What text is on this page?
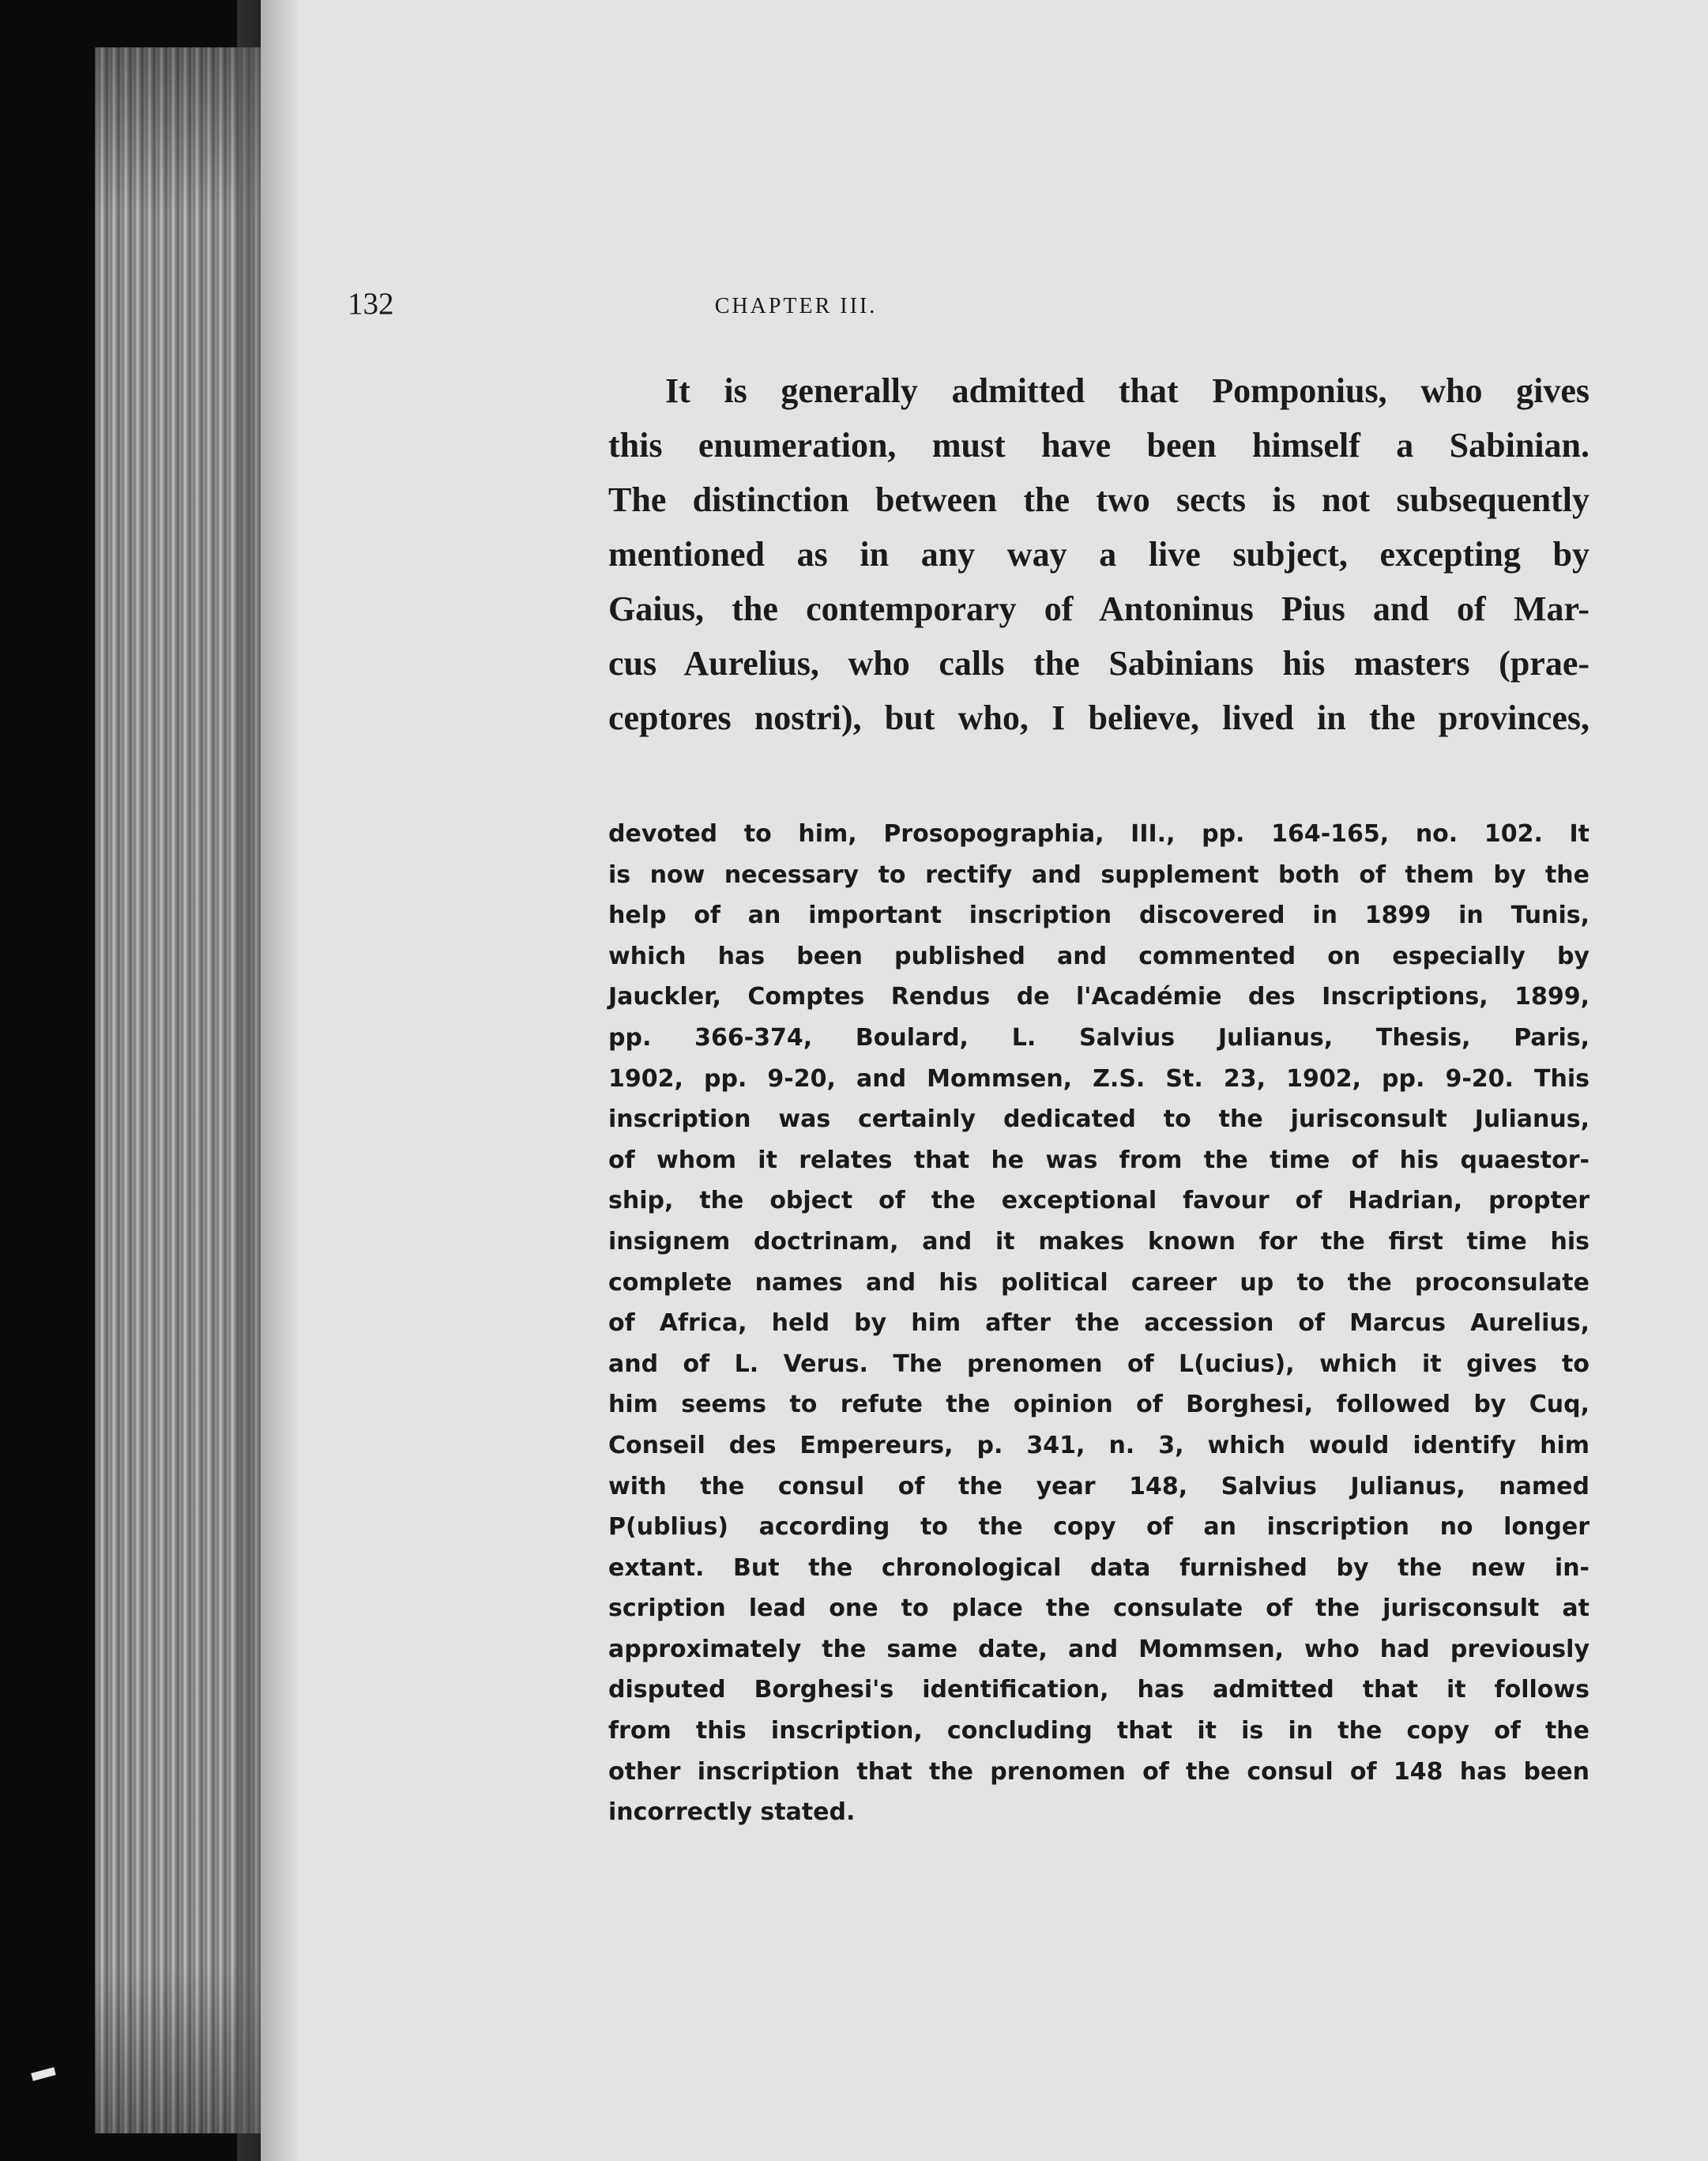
132	CHAPTER III.
It is generally admitted that Pomponius, who gives
this enumeration, must have been himself a Sabinian.
The distinction between the two sects is not subsequently
mentioned as in any way a live subject, excepting by
Gaius, the contemporary of Antoninus Pius and of Mar-
cus Aurelius, who calls the Sabinians his masters (prae-
ceptores nostri), but who, I believe, lived in the provinces,
devoted to him, Prosopographia, III., pp. 164-165, no. 102. It
is now necessary to rectify and supplement both of them by the
help of an important inscription discovered in 1899 in Tunis,
which has been published and commented on especially by
Jauckler, Comptes Rendus de l'Académie des Inscriptions, 1899,
pp. 366-374, Boulard, L. Salvius Julianus, Thesis, Paris,
1902, pp. 9-20, and Mommsen, Z.S. St. 23, 1902, pp. 9-20. This
inscription was certainly dedicated to the jurisconsult Julianus,
of whom it relates that he was from the time of his quaestor-
ship, the object of the exceptional favour of Hadrian, propter
insignem doctrinam, and it makes known for the first time his
complete names and his political career up to the proconsulate
of Africa, held by him after the accession of Marcus Aurelius,
and of L. Verus. The prenomen of L(ucius), which it gives to
him seems to refute the opinion of Borghesi, followed by Cuq,
Conseil des Empereurs, p. 341, n. 3, which would identify him
with the consul of the year 148, Salvius Julianus, named
P(ublius) according to the copy of an inscription no longer
extant. But the chronological data furnished by the new in-
scription lead one to place the consulate of the jurisconsult at
approximately the same date, and Mommsen, who had previously
disputed Borghesi's identification, has admitted that it follows
from this inscription, concluding that it is in the copy of the
other inscription that the prenomen of the consul of 148 has been
incorrectly stated.
